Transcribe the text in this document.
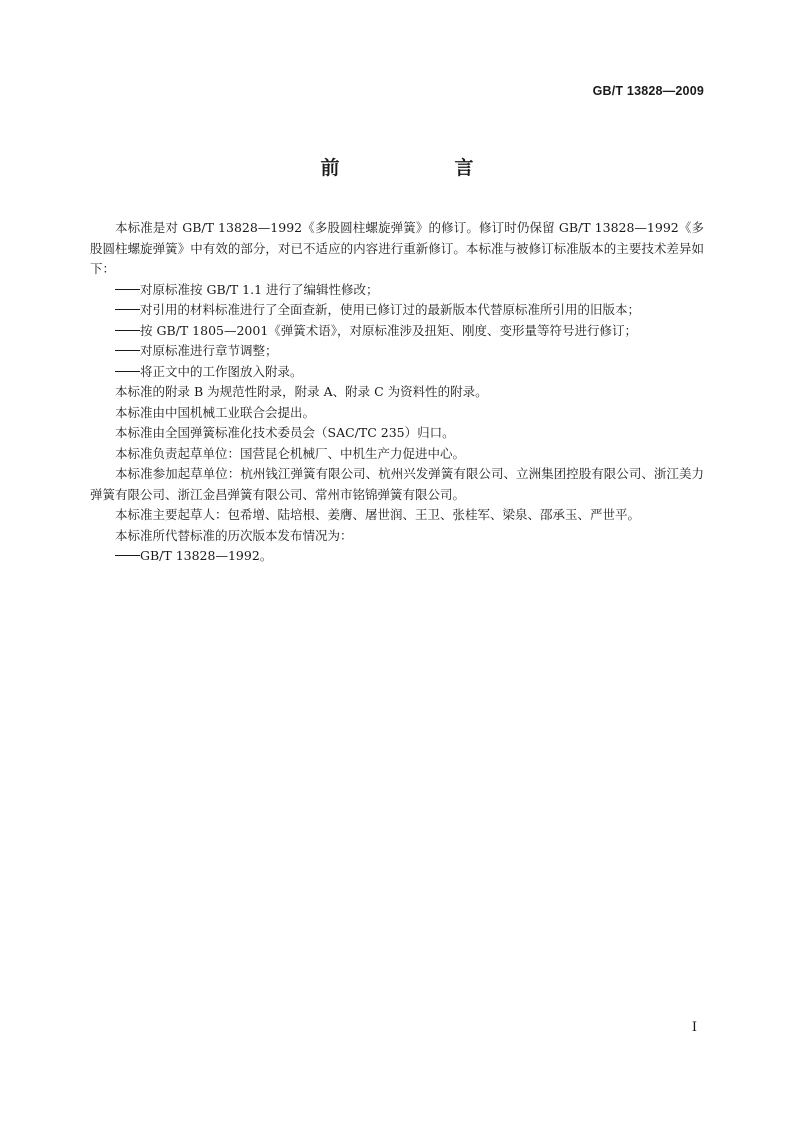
GB/T 13828—2009
前　言

本标准是对 GB/T 13828—1992《多股圆柱螺旋弹簧》的修订。修订时仍保留 GB/T 13828—1992《多股圆柱螺旋弹簧》中有效的部分，对已不适应的内容进行重新修订。本标准与被修订标准版本的主要技术差异如下：

对原标准按 GB/T 1.1 进行了编辑性修改；

对引用的材料标准进行了全面查新，使用已修订过的最新版本代替原标准所引用的旧版本；

按 GB/T 1805—2001《弹簧术语》，对原标准涉及扭矩、刚度、变形量等符号进行修订；

对原标准进行章节调整；

将正文中的工作图放入附录。

本标准的附录 B 为规范性附录，附录 A、附录 C 为资料性的附录。

本标准由中国机械工业联合会提出。

本标准由全国弹簧标准化技术委员会（SAC/TC 235）归口。

本标准负责起草单位：国营昆仑机械厂、中机生产力促进中心。

本标准参加起草单位：杭州钱江弹簧有限公司、杭州兴发弹簧有限公司、立洲集团控股有限公司、浙江美力弹簧有限公司、浙江金昌弹簧有限公司、常州市铭锦弹簧有限公司。

本标准主要起草人：包希增、陆培根、姜膺、屠世润、王卫、张桂军、梁泉、邵承玉、严世平。

本标准所代替标准的历次版本发布情况为：

GB/T 13828—1992。

I
